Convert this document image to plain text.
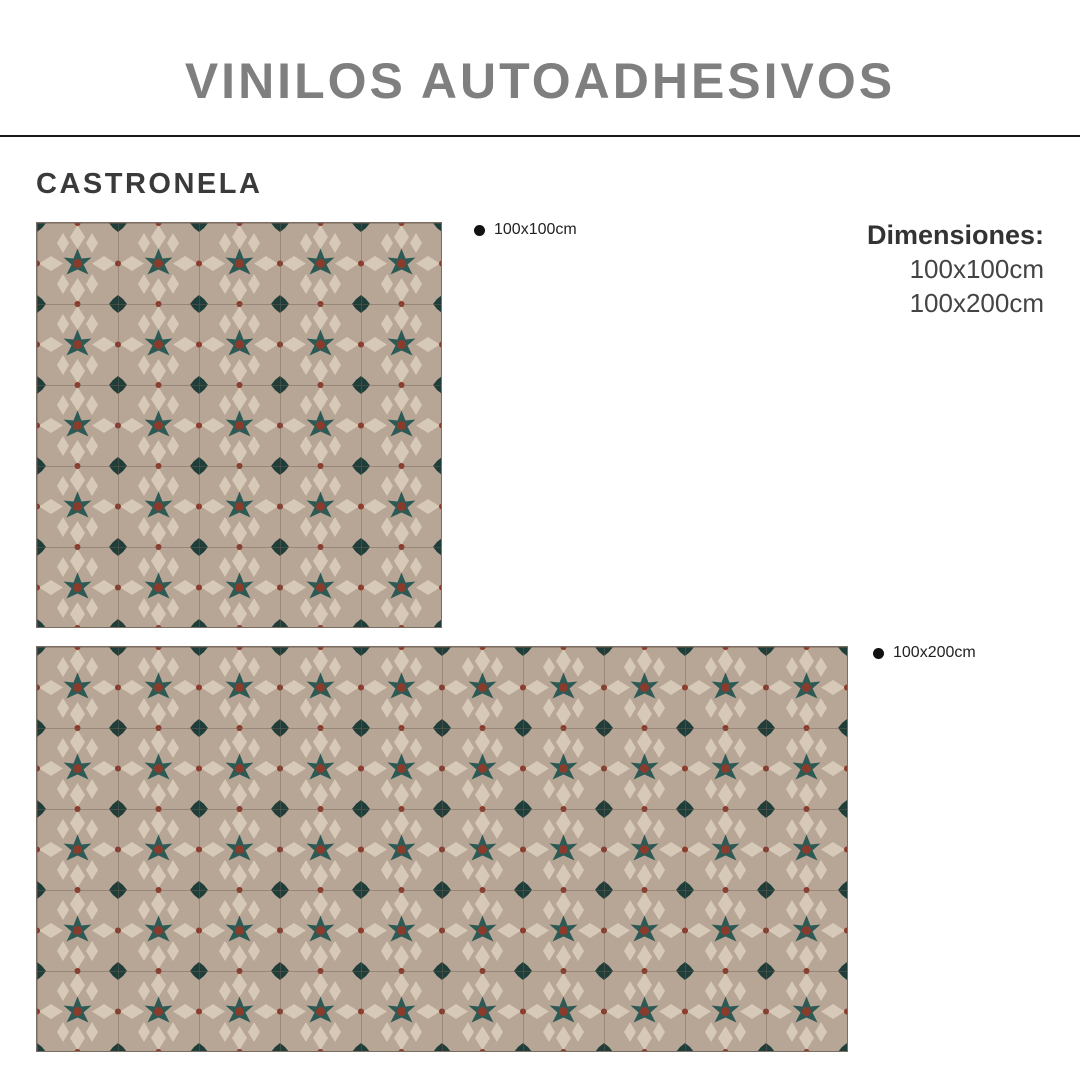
VINILOS AUTOADHESIVOS
CASTRONELA
Dimensiones:
100x100cm
100x200cm
100x100cm
100x200cm
